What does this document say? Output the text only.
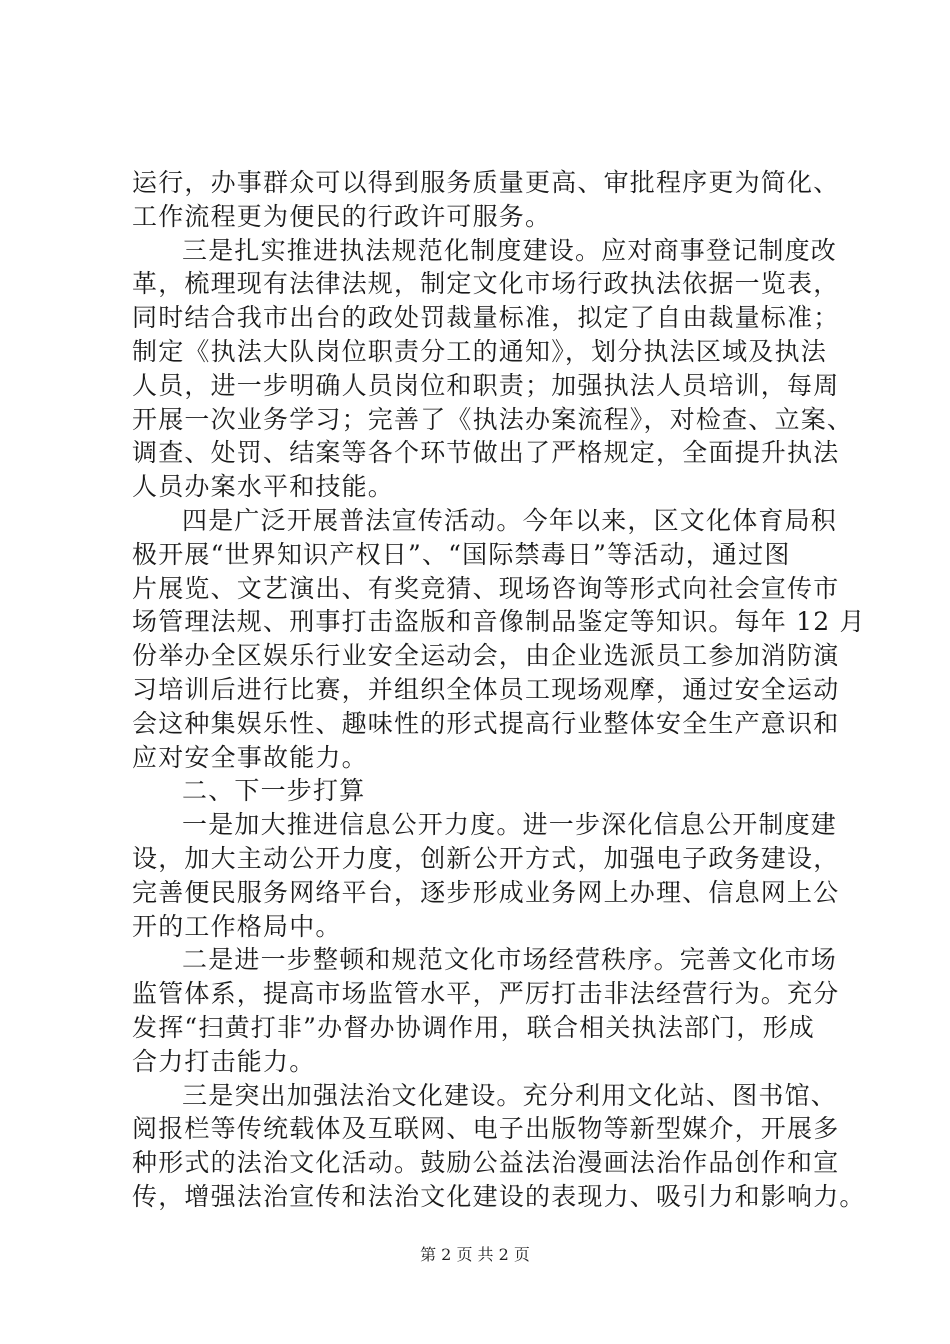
运行，办事群众可以得到服务质量更高、审批程序更为简化、
工作流程更为便民的行政许可服务。
三是扎实推进执法规范化制度建设。应对商事登记制度改
革，梳理现有法律法规，制定文化市场行政执法依据一览表，
同时结合我市出台的政处罚裁量标准，拟定了自由裁量标准；
制定《执法大队岗位职责分工的通知》，划分执法区域及执法
人员，进一步明确人员岗位和职责；加强执法人员培训，每周
开展一次业务学习；完善了《执法办案流程》，对检查、立案、
调查、处罚、结案等各个环节做出了严格规定，全面提升执法
人员办案水平和技能。
四是广泛开展普法宣传活动。今年以来，区文化体育局积
极开展“世界知识产权日”、“国际禁毒日”等活动，通过图
片展览、文艺演出、有奖竞猜、现场咨询等形式向社会宣传市
场管理法规、刑事打击盗版和音像制品鉴定等知识。每年 12 月
份举办全区娱乐行业安全运动会，由企业选派员工参加消防演
习培训后进行比赛，并组织全体员工现场观摩，通过安全运动
会这种集娱乐性、趣味性的形式提高行业整体安全生产意识和
应对安全事故能力。
二、下一步打算
一是加大推进信息公开力度。进一步深化信息公开制度建
设，加大主动公开力度，创新公开方式，加强电子政务建设，
完善便民服务网络平台，逐步形成业务网上办理、信息网上公
开的工作格局中。
二是进一步整顿和规范文化市场经营秩序。完善文化市场
监管体系，提高市场监管水平，严厉打击非法经营行为。充分
发挥“扫黄打非”办督办协调作用，联合相关执法部门，形成
合力打击能力。
三是突出加强法治文化建设。充分利用文化站、图书馆、
阅报栏等传统载体及互联网、电子出版物等新型媒介，开展多
种形式的法治文化活动。鼓励公益法治漫画法治作品创作和宣
传，增强法治宣传和法治文化建设的表现力、吸引力和影响力。
第 2 页 共 2 页
